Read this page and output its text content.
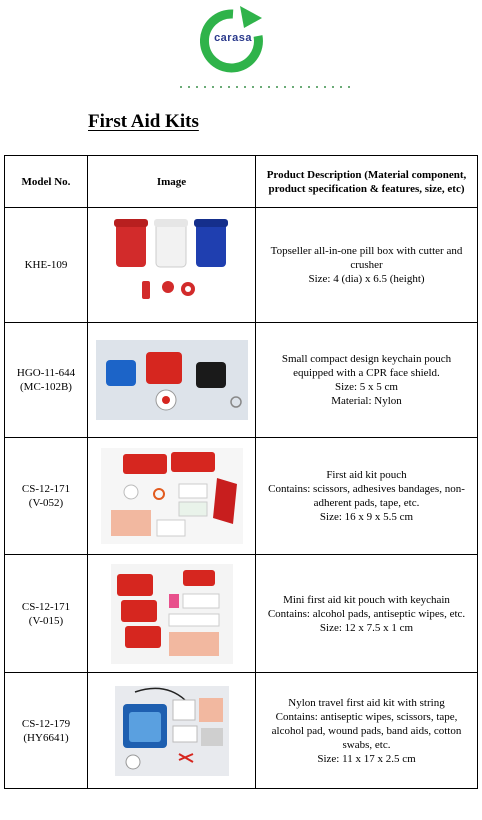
carasa
First Aid Kits
Model No.	Image	Product Description (Material component,
product specification & features, size, etc)

KHE-109		Topseller all-in-one pill box with cutter and
crusher
Size: 4 (dia) x 6.5 (height)

HGO-11-644
(MC-102B)		Small compact design keychain pouch
equipped with a CPR face shield.
Size: 5 x 5 cm
Material: Nylon

CS-12-171
(V-052)		First aid kit pouch
Contains: scissors, adhesives bandages, non-
adherent pads, tape, etc.
Size: 16 x 9 x 5.5 cm

CS-12-171
(V-015)		Mini first aid kit pouch with keychain
Contains: alcohol pads, antiseptic wipes, etc.
Size: 12 x 7.5 x 1 cm

CS-12-179
(HY6641)		Nylon travel first aid kit with string
Contains: antiseptic wipes, scissors, tape,
alcohol pad, wound pads, band aids, cotton
swabs, etc.
Size: 11 x 17 x 2.5 cm
